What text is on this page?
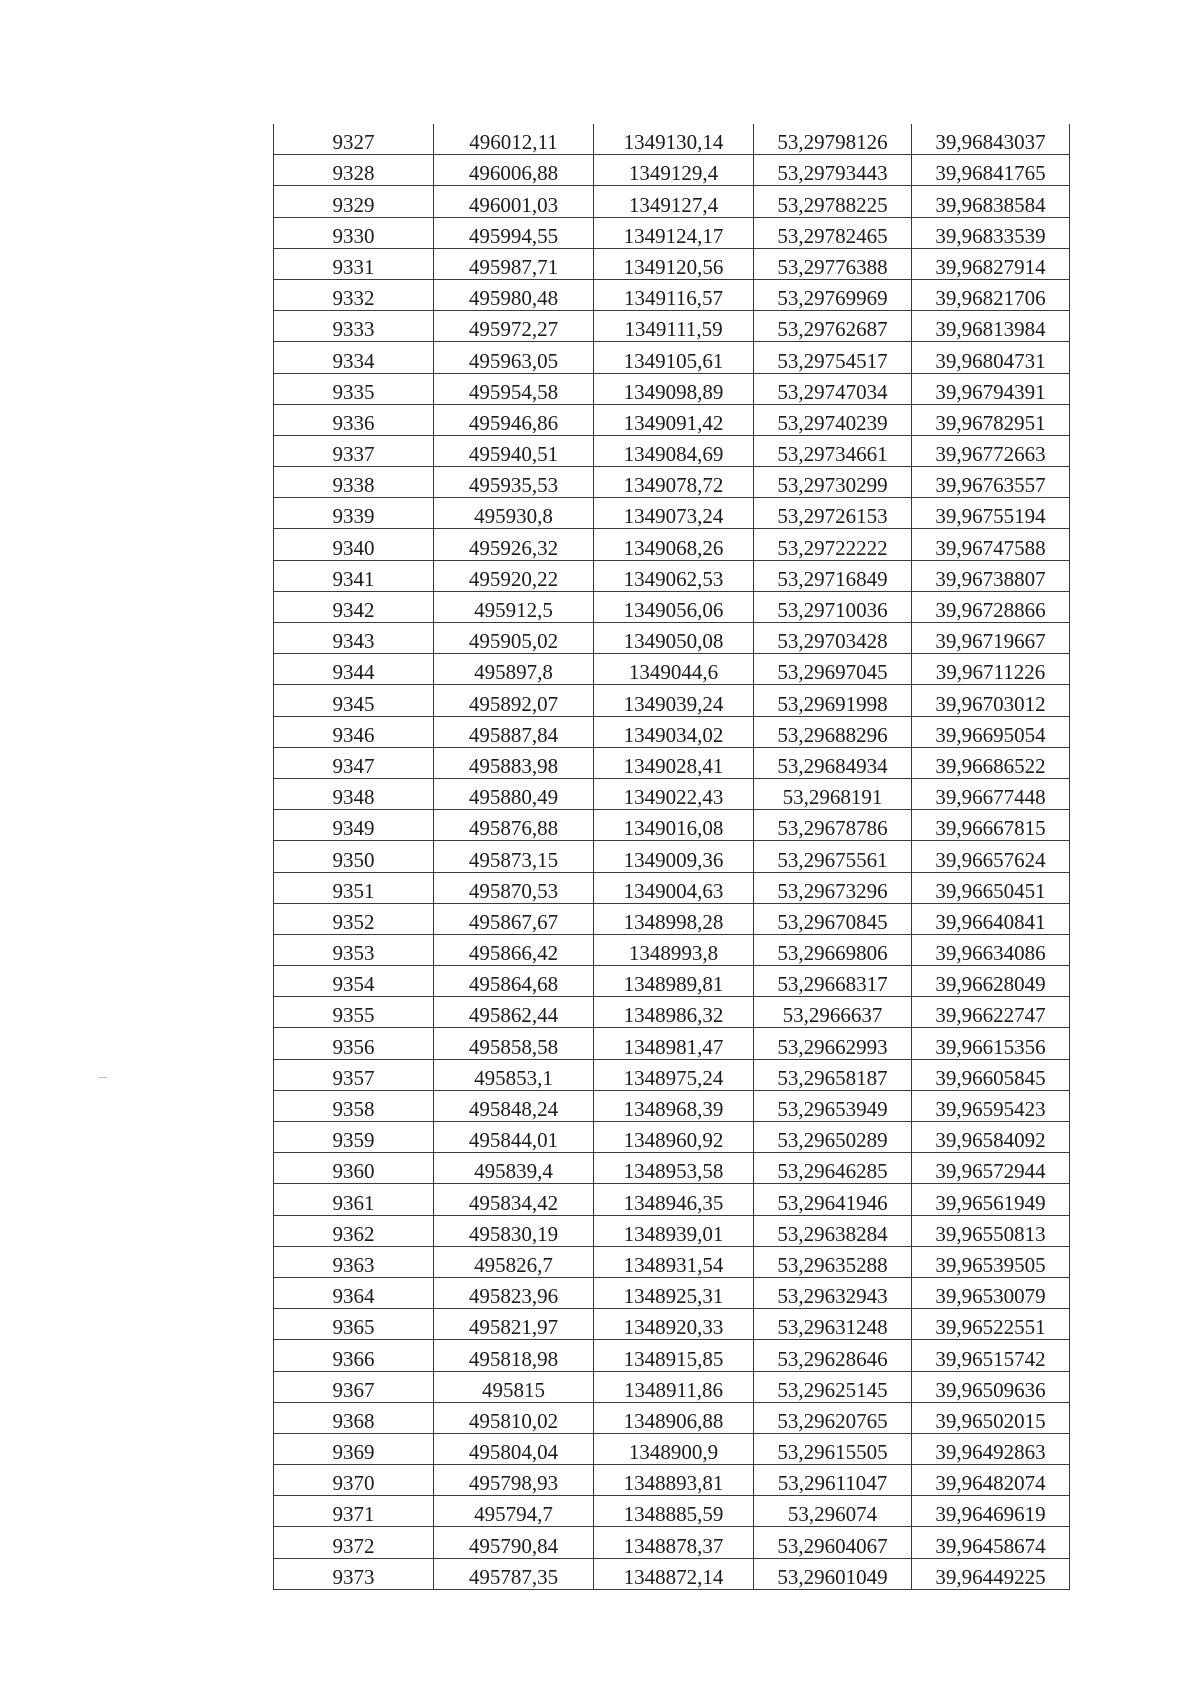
9327	496012,11	1349130,14	53,29798126	39,96843037
9328	496006,88	1349129,4	53,29793443	39,96841765
9329	496001,03	1349127,4	53,29788225	39,96838584
9330	495994,55	1349124,17	53,29782465	39,96833539
9331	495987,71	1349120,56	53,29776388	39,96827914
9332	495980,48	1349116,57	53,29769969	39,96821706
9333	495972,27	1349111,59	53,29762687	39,96813984
9334	495963,05	1349105,61	53,29754517	39,96804731
9335	495954,58	1349098,89	53,29747034	39,96794391
9336	495946,86	1349091,42	53,29740239	39,96782951
9337	495940,51	1349084,69	53,29734661	39,96772663
9338	495935,53	1349078,72	53,29730299	39,96763557
9339	495930,8	1349073,24	53,29726153	39,96755194
9340	495926,32	1349068,26	53,29722222	39,96747588
9341	495920,22	1349062,53	53,29716849	39,96738807
9342	495912,5	1349056,06	53,29710036	39,96728866
9343	495905,02	1349050,08	53,29703428	39,96719667
9344	495897,8	1349044,6	53,29697045	39,96711226
9345	495892,07	1349039,24	53,29691998	39,96703012
9346	495887,84	1349034,02	53,29688296	39,96695054
9347	495883,98	1349028,41	53,29684934	39,96686522
9348	495880,49	1349022,43	53,2968191	39,96677448
9349	495876,88	1349016,08	53,29678786	39,96667815
9350	495873,15	1349009,36	53,29675561	39,96657624
9351	495870,53	1349004,63	53,29673296	39,96650451
9352	495867,67	1348998,28	53,29670845	39,96640841
9353	495866,42	1348993,8	53,29669806	39,96634086
9354	495864,68	1348989,81	53,29668317	39,96628049
9355	495862,44	1348986,32	53,2966637	39,96622747
9356	495858,58	1348981,47	53,29662993	39,96615356
9357	495853,1	1348975,24	53,29658187	39,96605845
9358	495848,24	1348968,39	53,29653949	39,96595423
9359	495844,01	1348960,92	53,29650289	39,96584092
9360	495839,4	1348953,58	53,29646285	39,96572944
9361	495834,42	1348946,35	53,29641946	39,96561949
9362	495830,19	1348939,01	53,29638284	39,96550813
9363	495826,7	1348931,54	53,29635288	39,96539505
9364	495823,96	1348925,31	53,29632943	39,96530079
9365	495821,97	1348920,33	53,29631248	39,96522551
9366	495818,98	1348915,85	53,29628646	39,96515742
9367	495815	1348911,86	53,29625145	39,96509636
9368	495810,02	1348906,88	53,29620765	39,96502015
9369	495804,04	1348900,9	53,29615505	39,96492863
9370	495798,93	1348893,81	53,29611047	39,96482074
9371	495794,7	1348885,59	53,296074	39,96469619
9372	495790,84	1348878,37	53,29604067	39,96458674
9373	495787,35	1348872,14	53,29601049	39,96449225
